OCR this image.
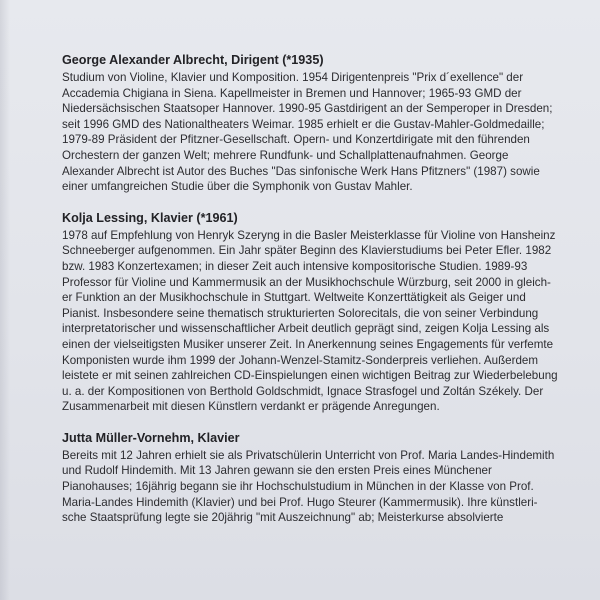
George Alexander Albrecht, Dirigent (*1935)
Studium von Violine, Klavier und Komposition. 1954 Dirigentenpreis "Prix d´exellence" der
Accademia Chigiana in Siena. Kapellmeister in Bremen und Hannover; 1965-93 GMD der
Niedersächsischen Staatsoper Hannover. 1990-95 Gastdirigent an der Semperoper in Dresden;
seit 1996 GMD des Nationaltheaters Weimar. 1985 erhielt er die Gustav-Mahler-Goldmedaille;
1979-89 Präsident der Pfitzner-Gesellschaft. Opern- und Konzertdirigate mit den führenden
Orchestern der ganzen Welt; mehrere Rundfunk- und Schallplattenaufnahmen. George
Alexander Albrecht ist Autor des Buches "Das sinfonische Werk Hans Pfitzners" (1987) sowie
einer umfangreichen Studie über die Symphonik von Gustav Mahler.
Kolja Lessing, Klavier (*1961)
1978 auf Empfehlung von Henryk Szeryng in die Basler Meisterklasse für Violine von Hansheinz
Schneeberger aufgenommen. Ein Jahr später Beginn des Klavierstudiums bei Peter Efler. 1982
bzw. 1983 Konzertexamen; in dieser Zeit auch intensive kompositorische Studien. 1989-93
Professor für Violine und Kammermusik an der Musikhochschule Würzburg, seit 2000 in gleich-
er Funktion an der Musikhochschule in Stuttgart. Weltweite Konzerttätigkeit als Geiger und
Pianist. Insbesondere seine thematisch strukturierten Solorecitals, die von seiner Verbindung
interpretatorischer und wissenschaftlicher Arbeit deutlich geprägt sind, zeigen Kolja Lessing als
einen der vielseitigsten Musiker unserer Zeit. In Anerkennung seines Engagements für verfemte
Komponisten wurde ihm 1999 der Johann-Wenzel-Stamitz-Sonderpreis verliehen. Außerdem
leistete er mit seinen zahlreichen CD-Einspielungen einen wichtigen Beitrag zur Wiederbelebung
u. a. der Kompositionen von Berthold Goldschmidt, Ignace Strasfogel und Zoltán Székely. Der
Zusammenarbeit mit diesen Künstlern verdankt er prägende Anregungen.
Jutta Müller-Vornehm, Klavier
Bereits mit 12 Jahren erhielt sie als Privatschülerin Unterricht von Prof. Maria Landes-Hindemith
und Rudolf Hindemith. Mit 13 Jahren gewann sie den ersten Preis eines Münchener
Pianohauses; 16jährig begann sie ihr Hochschulstudium in München in der Klasse von Prof.
Maria-Landes Hindemith (Klavier) und bei Prof. Hugo Steurer (Kammermusik). Ihre künstleri-
sche Staatsprüfung legte sie 20jährig "mit Auszeichnung" ab; Meisterkurse absolvierte
